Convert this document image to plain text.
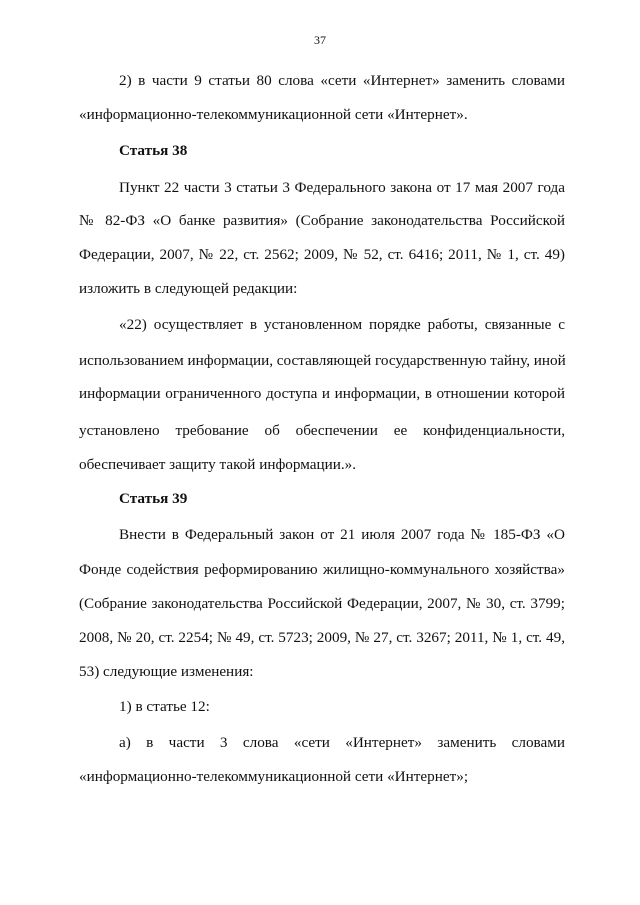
37
2) в части 9 статьи 80 слова «сети «Интернет» заменить словами
«информационно-телекоммуникационной сети «Интернет».
Статья 38
Пункт 22 части 3 статьи 3 Федерального закона от 17 мая 2007 года
№ 82-ФЗ «О банке развития» (Собрание законодательства Российской
Федерации, 2007, № 22, ст. 2562; 2009, № 52, ст. 6416; 2011, № 1, ст. 49)
изложить в следующей редакции:
«22) осуществляет в установленном порядке работы, связанные с
использованием информации, составляющей государственную тайну, иной
информации ограниченного доступа и информации, в отношении которой
установлено требование об обеспечении ее конфиденциальности,
обеспечивает защиту такой информации.».
Статья 39
Внести в Федеральный закон от 21 июля 2007 года № 185-ФЗ «О
Фонде содействия реформированию жилищно-коммунального хозяйства»
(Собрание законодательства Российской Федерации, 2007, № 30, ст. 3799;
2008, № 20, ст. 2254; № 49, ст. 5723; 2009, № 27, ст. 3267; 2011, № 1, ст. 49,
53) следующие изменения:
1) в статье 12:
а) в части 3 слова «сети «Интернет» заменить словами
«информационно-телекоммуникационной сети «Интернет»;
